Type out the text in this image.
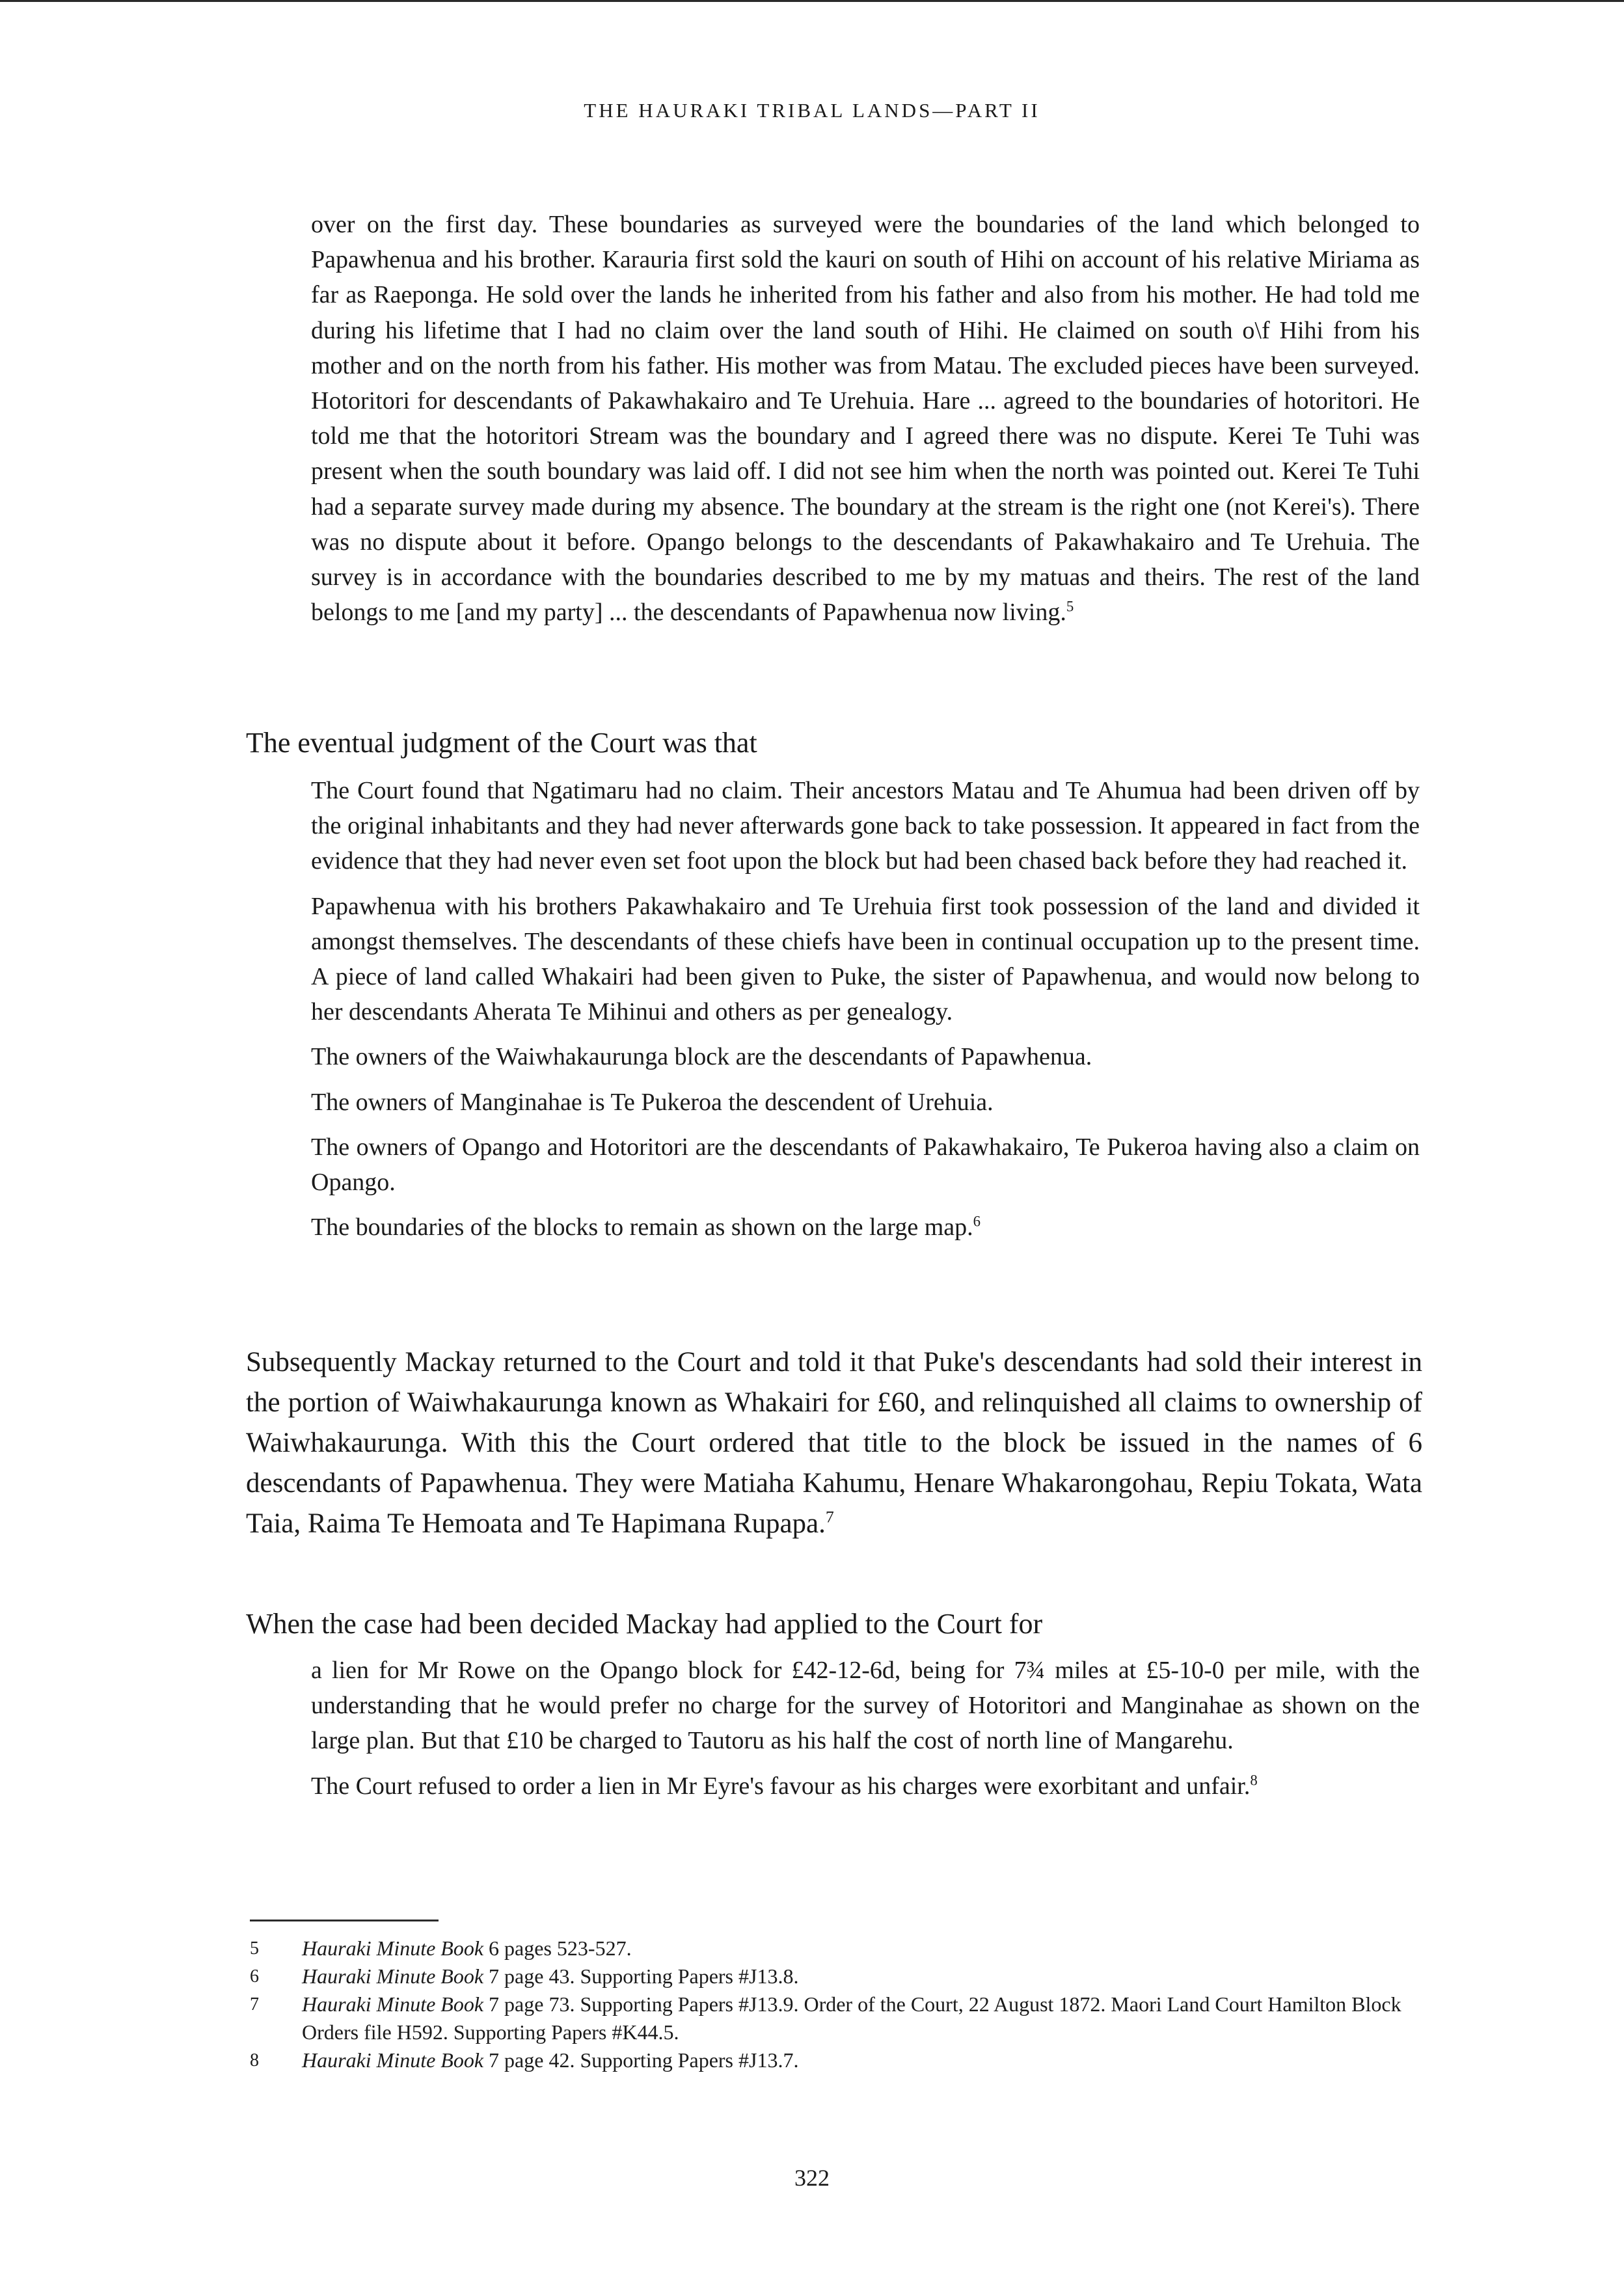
THE HAURAKI TRIBAL LANDS—PART II

over on the first day. These boundaries as surveyed were the boundaries of the land which belonged to Papawhenua and his brother. Karauria first sold the kauri on south of Hihi on account of his relative Miriama as far as Raeponga. He sold over the lands he inherited from his father and also from his mother. He had told me during his lifetime that I had no claim over the land south of Hihi. He claimed on south o\f Hihi from his mother and on the north from his father. His mother was from Matau. The excluded pieces have been surveyed. Hotoritori for descendants of Pakawhakairo and Te Urehuia. Hare ... agreed to the boundaries of hotoritori. He told me that the hotoritori Stream was the boundary and I agreed there was no dispute. Kerei Te Tuhi was present when the south boundary was laid off. I did not see him when the north was pointed out. Kerei Te Tuhi had a separate survey made during my absence. The boundary at the stream is the right one (not Kerei's). There was no dispute about it before. Opango belongs to the descendants of Pakawhakairo and Te Urehuia. The survey is in accordance with the boundaries described to me by my matuas and theirs. The rest of the land belongs to me [and my party] ... the descendants of Papawhenua now living.$^5$

The eventual judgment of the Court was that

The Court found that Ngatimaru had no claim. Their ancestors Matau and Te Ahumua had been driven off by the original inhabitants and they had never afterwards gone back to take possession. It appeared in fact from the evidence that they had never even set foot upon the block but had been chased back before they had reached it.

Papawhenua with his brothers Pakawhakairo and Te Urehuia first took possession of the land and divided it amongst themselves. The descendants of these chiefs have been in continual occupation up to the present time. A piece of land called Whakairi had been given to Puke, the sister of Papawhenua, and would now belong to her descendants Aherata Te Mihinui and others as per genealogy.

The owners of the Waiwhakaurunga block are the descendants of Papawhenua.

The owners of Manginahae is Te Pukeroa the descendent of Urehuia.

The owners of Opango and Hotoritori are the descendants of Pakawhakairo, Te Pukeroa having also a claim on Opango.

The boundaries of the blocks to remain as shown on the large map.$^6$

Subsequently Mackay returned to the Court and told it that Puke's descendants had sold their interest in the portion of Waiwhakaurunga known as Whakairi for £60, and relinquished all claims to ownership of Waiwhakaurunga. With this the Court ordered that title to the block be issued in the names of 6 descendants of Papawhenua. They were Matiaha Kahumu, Henare Whakarongohau, Repiu Tokata, Wata Taia, Raima Te Hemoata and Te Hapimana Rupapa.$^7$

When the case had been decided Mackay had applied to the Court for

a lien for Mr Rowe on the Opango block for £42-12-6d, being for 7¾ miles at £5-10-0 per mile, with the understanding that he would prefer no charge for the survey of Hotoritori and Manginahae as shown on the large plan. But that £10 be charged to Tautoru as his half the cost of north line of Mangarehu.

The Court refused to order a lien in Mr Eyre's favour as his charges were exorbitant and unfair.$^8$

5	Hauraki Minute Book 6 pages 523-527.
6	Hauraki Minute Book 7 page 43. Supporting Papers #J13.8.
7	Hauraki Minute Book 7 page 73. Supporting Papers #J13.9. Order of the Court, 22 August 1872. Maori Land Court Hamilton Block Orders file H592. Supporting Papers #K44.5.
8	Hauraki Minute Book 7 page 42. Supporting Papers #J13.7.
322
